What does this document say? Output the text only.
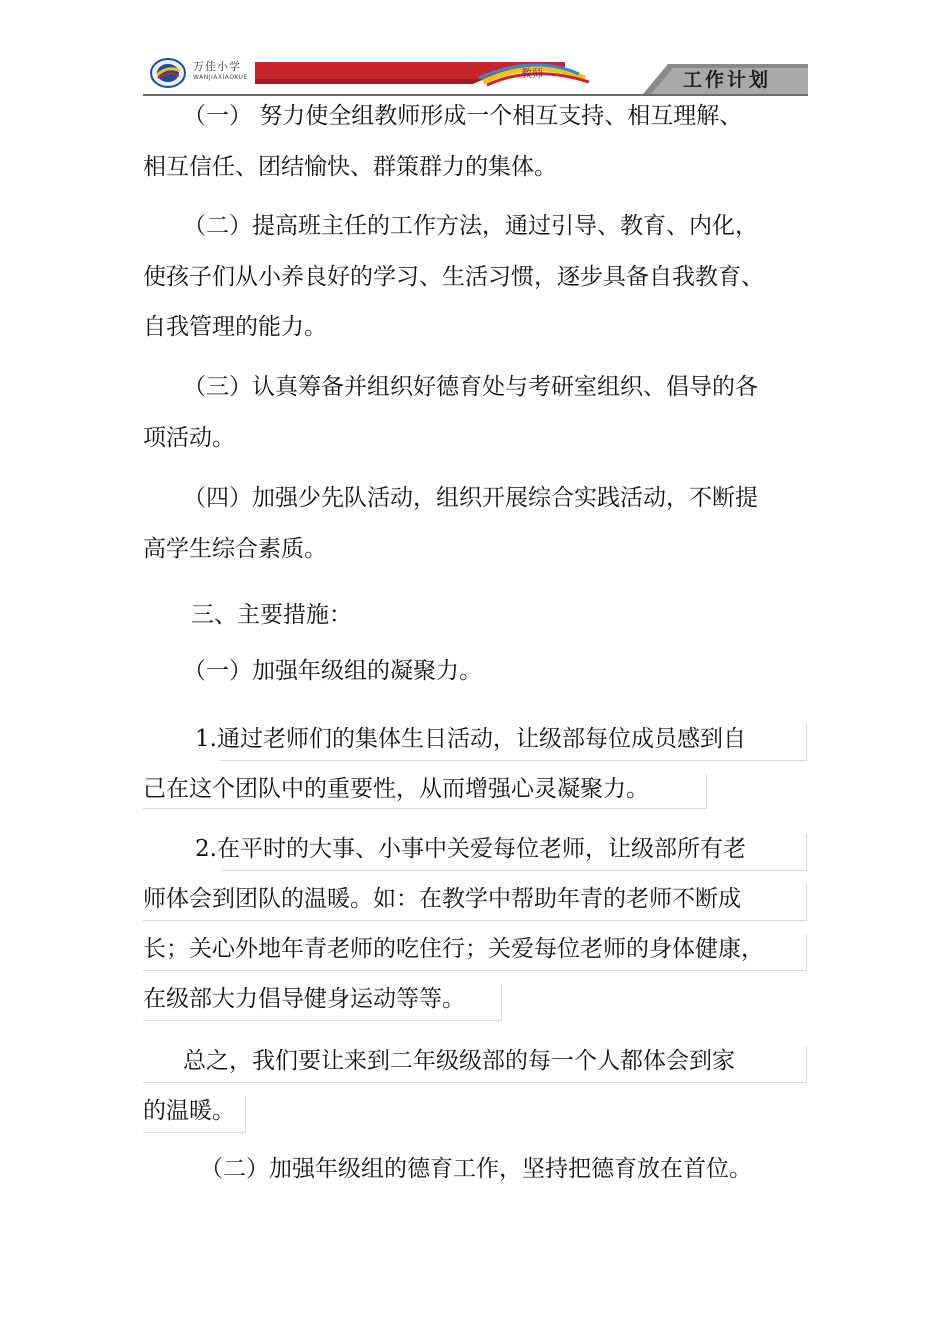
万佳小学
WANJIAXIAOXUE	教师	工作计划
（一） 努力使全组教师形成一个相互支持、相互理解、
相互信任、团结愉快、群策群力的集体。
（二）提高班主任的工作方法，通过引导、教育、内化，
使孩子们从小养良好的学习、生活习惯，逐步具备自我教育、
自我管理的能力。
（三）认真筹备并组织好德育处与考研室组织、倡导的各
项活动。
（四）加强少先队活动，组织开展综合实践活动，不断提
高学生综合素质。
三、主要措施：
（一）加强年级组的凝聚力。
1.通过老师们的集体生日活动，让级部每位成员感到自
己在这个团队中的重要性，从而增强心灵凝聚力。
2.在平时的大事、小事中关爱每位老师，让级部所有老
师体会到团队的温暖。如：在教学中帮助年青的老师不断成
长；关心外地年青老师的吃住行；关爱每位老师的身体健康，
在级部大力倡导健身运动等等。
总之，我们要让来到二年级级部的每一个人都体会到家
的温暖。
（二）加强年级组的德育工作，坚持把德育放在首位。
